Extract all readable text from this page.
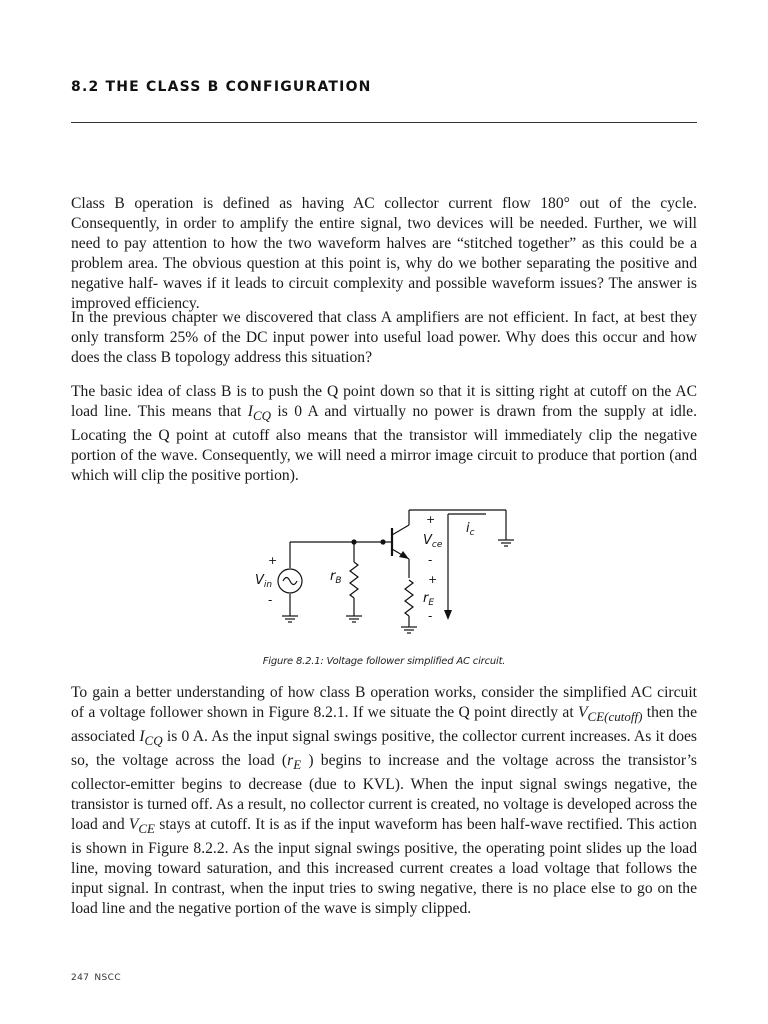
8.2 THE CLASS B CONFIGURATION

Class B operation is defined as having AC collector current flow 180° out of the cycle. Consequently, in order to amplify the entire signal, two devices will be needed. Further, we will need to pay attention to how the two waveform halves are “stitched together” as this could be a problem area. The obvious question at this point is, why do we bother separating the positive and negative half- waves if it leads to circuit complexity and possible waveform issues? The answer is improved efficiency.

In the previous chapter we discovered that class A amplifiers are not efficient. In fact, at best they only transform 25% of the DC input power into useful load power. Why does this occur and how does the class B topology address this situation?

The basic idea of class B is to push the Q point down so that it is sitting right at cutoff on the AC load line. This means that $I_{CQ}$ is 0 A and virtually no power is drawn from the supply at idle. Locating the Q point at cutoff also means that the transistor will immediately clip the negative portion of the wave. Consequently, we will need a mirror image circuit to produce that portion (and which will clip the positive portion).

+
$V_{in}$
-
$r_B$
+
$V_{ce}$
-
$i_c$
+
$r_E$
-

Figure 8.2.1: Voltage follower simplified AC circuit.

To gain a better understanding of how class B operation works, consider the simplified AC circuit of a voltage follower shown in Figure 8.2.1. If we situate the Q point directly at $V_{CE(cutoff)}$ then the associated $I_{CQ}$ is 0 A. As the input signal swings positive, the collector current increases. As it does so, the voltage across the load ($r_E$ ) begins to increase and the voltage across the transistor’s collector-emitter begins to decrease (due to KVL). When the input signal swings negative, the transistor is turned off. As a result, no collector current is created, no voltage is developed across the load and $V_{CE}$ stays at cutoff. It is as if the input waveform has been half-wave rectified. This action is shown in Figure 8.2.2. As the input signal swings positive, the operating point slides up the load line, moving toward saturation, and this increased current creates a load voltage that follows the input signal. In contrast, when the input tries to swing negative, there is no place else to go on the load line and the negative portion of the wave is simply clipped.

247 NSCC
